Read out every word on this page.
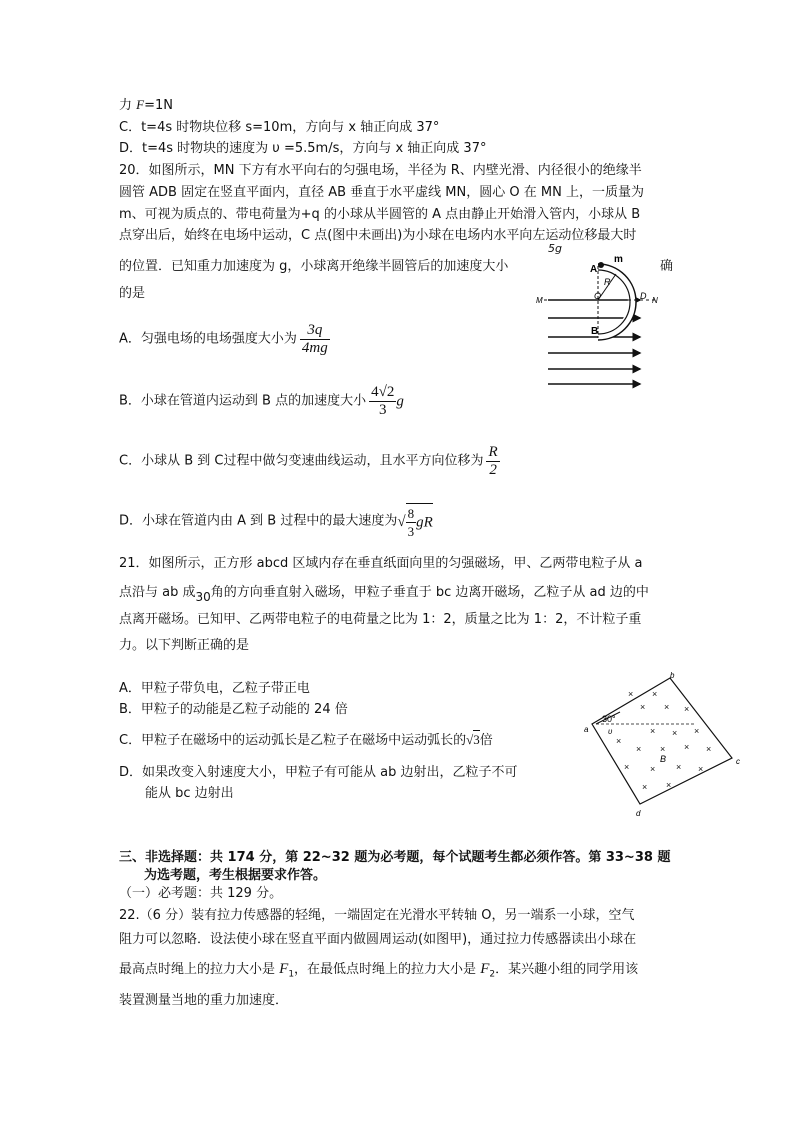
力 F=1N
C．t=4s 时物块位移 s=10m，方向与 x 轴正向成 37°
D．t=4s 时物块的速度为 υ =5.5m/s，方向与 x 轴正向成 37°
20．如图所示，MN 下方有水平向右的匀强电场，半径为 R、内壁光滑、内径很小的绝缘半
圆管 ADB 固定在竖直平面内，直径 AB 垂直于水平虚线 MN，圆心 O 在 MN 上，一质量为
m、可视为质点的、带电荷量为+q 的小球从半圆管的 A 点由静止开始滑入管内，小球从 B
点穿出后，始终在电场中运动，C 点(图中未画出)为小球在电场内水平向左运动位移最大时
5g
的位置．已知重力加速度为 g，小球离开绝缘半圆管后的加速度大小	确
的是
m
A
R
O	D
M	N
B
A．匀强电场的电场强度大小为 $\frac{3q}{4mg}$
B．小球在管道内运动到 B 点的加速度大小 $\frac{4√2}{3}$ g
C．小球从 B 到 C过程中做匀变速曲线运动，且水平方向位移为 $\frac{R}{2}$
D．小球在管道内由 A 到 B 过程中的最大速度为√ $\frac{8}{3}$ gR
21．如图所示，正方形 abcd 区域内存在垂直纸面向里的匀强磁场，甲、乙两带电粒子从 a
点沿与 ab 成30角的方向垂直射入磁场，甲粒子垂直于 bc 边离开磁场，乙粒子从 ad 边的中
点离开磁场。已知甲、乙两带电粒子的电荷量之比为 1：2，质量之比为 1：2，不计粒子重
力。以下判断正确的是
A．甲粒子带负电，乙粒子带正电
B．甲粒子的动能是乙粒子动能的 24 倍
C．甲粒子在磁场中的运动弧长是乙粒子在磁场中运动弧长的√3倍
D．如果改变入射速度大小，甲粒子有可能从 ab 边射出，乙粒子不可
能从 bc 边射出
× ×
× × ×
× × ×
×
× × × ×
× × × ×
× ×
30°
υ
B
a
b
c
d
三、非选择题：共 174 分，第 22~32 题为必考题，每个试题考生都必须作答。第 33~38 题
为选考题，考生根据要求作答。
（一）必考题：共 129 分。
22.（6 分）装有拉力传感器的轻绳，一端固定在光滑水平转轴 O，另一端系一小球，空气
阻力可以忽略．设法使小球在竖直平面内做圆周运动(如图甲)，通过拉力传感器读出小球在
最高点时绳上的拉力大小是 $F_1$，在最低点时绳上的拉力大小是 $F_2$．某兴趣小组的同学用该
装置测量当地的重力加速度．
